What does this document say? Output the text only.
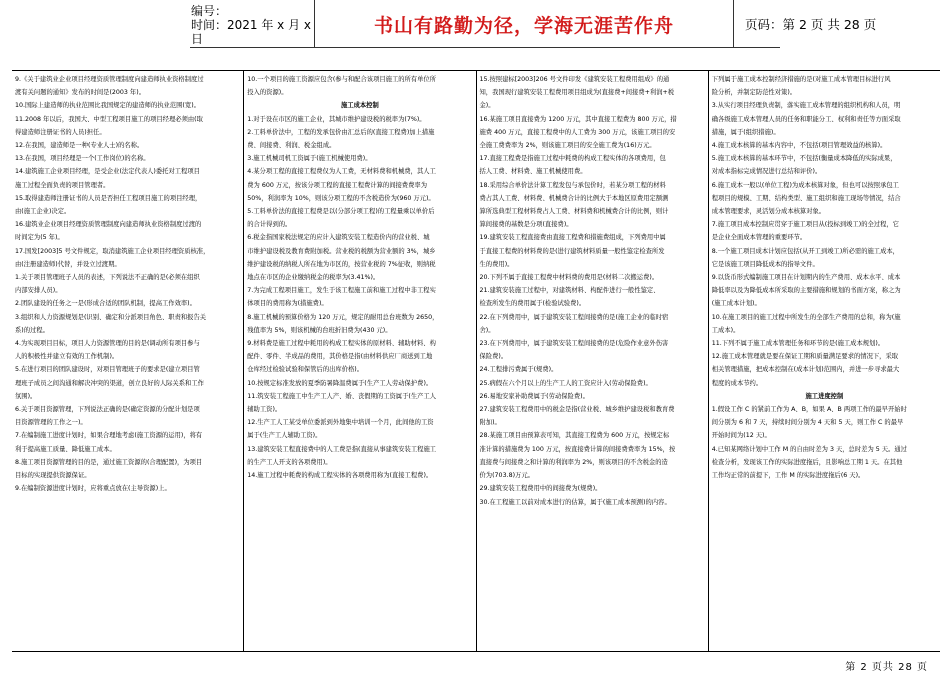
编号：
时间：2021 年 x 月 x 日
书山有路勤为径，学海无涯苦作舟	页码：第 2 页 共 28 页

9.《关于建筑业企业项目经理资质管理制度向建造师执业资格制度过

渡有关问题的通知》发布的时间是(2003 年)。

10.国际上建造师的执业范围比我国规定的建造师的执业范围(宽)。

11.2008 年以后，我国大、中型工程项目施工的项目经理必须由(取

得建造师注册证书的人员)担任。

12.在我国，建造师是一种(专业人士)的名称。

13.在我国，项目经理是一个(工作岗位)的名称。

14.建筑施工企业项目经理，是受企业(法定代表人)委托对工程项目

施工过程全面负责的项目管理者。

15.取得建造师注册证书的人员是否担任工程项目施工的项目经理，

由(施工企业)决定。

16.建筑业企业项目经理资质管理制度向建造师执业资格制度过渡的

时间定为(5 年)。

17.国发[2003]5 号文件规定，取消建筑施工企业项目经理资质核准，

由(注册建造师)代替，并设立过渡期。

1.关于项目管理班子人员的表述，下列说法不正确的是(必须在组织

内部安排人员)。

2.团队建设的任务之一是(形成合适的团队机制，提高工作效率)。

3.组织和人力资源规划是(识别、确定和分派项目角色、职责和报告关

系)的过程。

4.为实现项目目标，项目人力资源管理的目的是(调动所有项目参与

人的积极性并建立有效的工作机制)。

5.在进行项目的团队建设时，对项目管理班子的要求是(建立项目管

理班子成员之间沟通和解决冲突的渠道，创立良好的人际关系和工作

氛围)。

6.关于项目资源管理，下列说法正确的是(确定资源的分配计划是项

目资源管理的工作之一)。

7.在编制施工进度计划时，如果合理地考虑(施工资源的运用)，将有

利于提高施工质量、降低施工成本。

8.施工项目资源管理的目的是，通过施工资源的(合理配置)，为项目

目标的实现提供资源保证。

9.在编制资源进度计划时，应将重点放在(主导资源)上。

10.一个项目的施工资源应包含(参与和配合该项目施工的所有单位所

投入的资源)。

施工成本控制

1.对于设在市区的施工企业，其城市维护建设税的税率为(7%)。

2.工料单价法中，工程的发承包价由汇总后的(直接工程费)加上措施

费、间接费、利润、税金组成。

3.施工机械司机工资属于(施工机械使用费)。

4.某分项工程的直接工程费仅为人工费，无材料费和机械费，其人工

费为 600 万元，按该分项工程的直接工程费计算的间接费费率为

50%，利润率为 10%，则该分项工程的不含税造价为(960 万元)。

5.工料单价法的直接工程费是以(分部分项工程)的工程量乘以单价后

的合计得到的。

6.税金指国家税法规定的应计入建筑安装工程造价内的营业税、城

市维护建设税及教育费附加税。营业税的税额为营业额的 3%，城乡

维护建设税的纳税人所在地为市区的，按营业税的 7%征收，则纳税

地点在市区的企业缴纳税金的税率为(3.41%)。

7.为完成工程项目施工，发生于该工程施工前和施工过程中非工程实

体项目的费用称为(措施费)。

8.施工机械的预算价格为 120 万元，规定的耐用总台班数为 2650，

残值率为 5%，则该机械的台班折旧费为(430 元)。

9.材料费是施工过程中耗用的构成工程实体的原材料、辅助材料、构

配件、零件、半成品的费用，其价格是指(由材料供应厂商送到工地

仓库经过检验试验和保管后的出库价格)。

10.按规定标准发放的夏季防暑降温费属于(生产工人劳动保护费)。

11.筑安装工程施工中生产工人产、婚、丧假期的工资属于(生产工人

辅助工资)。

12.生产工人工某受单位委派到外地集中培训一个月，此间他的工资

属于(生产工人辅助工资)。

13.建筑安装工程直接费中的人工费是指(直接从事建筑安装工程施工

的生产工人开支的各项费用)。

14.施工过程中耗费的构成工程实体的各项费用称为(直接工程费)。

15.按照建标[2003]206 号文件印发《建筑安装工程费用组成》的通

知，我国现行建筑安装工程费用项目组成为(直接费+间接费+利润+税

金)。

16.某施工项目直接费为 1200 万元，其中直接工程费为 800 万元，措

施费 400 万元，直接工程费中的人工费为 300 万元，该施工项目的安

全施工费费率为 2%，则该施工项目的安全施工费为(16)万元。

17.直接工程费是指施工过程中耗费的构成工程实体的各项费用，包

括人工费、材料费、施工机械使用费。

18.采用综合单价法计算工程发包与承包价时，若某分项工程的材料

费占其人工费、材料费、机械费合计的比例大于本地区原费用定额测

算所选典型工程材料费占人工费、材料费和机械费合计的比例，则计

算间接费的基数是分项(直接费)。

19.建筑安装工程直接费由直接工程费和措施费组成，下列费用中属

于直接工程费的材料费的是(进行建筑材料质量一般性鉴定检查所发

生的费用)。

20.下列不属于直接工程费中材料费的费用是(材料二次搬运费)。

21.建筑安装施工过程中，对建筑材料、构配件进行一般性鉴定、

检查所发生的费用属于(检验试验费)。

22.在下列费用中，属于建筑安装工程间接费的是(施工企业的临时宿

舍)。

23.在下列费用中，属于建筑安装工程间接费的是(危险作业意外伤害

保险费)。

24.工程排污费属于(规费)。

25.病假在六个月以上的生产工人的工资应计入(劳动保险费)。

26.易地安家补助费属于(劳动保险费)。

27.建筑安装工程费用中的税金是指(营业税、城乡维护建设税和教育费

附加)。

28.某施工项目由预算表可知，其直接工程费为 600 万元，按规定标

准计算的措施费为 100 万元，按直接费计算的间接费费率为 15%，按

直接费与间接费之和计算的利润率为 2%，则该项目的不含税金的造

价为(703.8)万元。

29.建筑安装工程费用中的间接费为(规费)。

30.在工程施工以前对成本进行的估算，属于(施工成本预测)的内容。

下列属于施工成本控制经济措施的是(对施工成本管理目标进行风

险分析，并制定防范性对策)。

3.从实行项目经理负责制，落实施工成本管理的组织机构和人员，明

确各级施工成本管理人员的任务和职能分工、权利和责任等方面采取

措施，属于(组织措施)。

4.施工成本核算的基本内容中，不包括(项目管理效益的核算)。

5.施工成本核算的基本环节中，不包括(衡量成本降低的实际成果，

对成本指标完成情况进行总结和评价)。

6.施工成本一般以(单位工程)为成本核算对象，但也可以按照承包工

程项目的规模、工期、结构类型、施工组织和施工现场等情况，结合

成本管理要求，灵活划分成本核算对象。

7.施工项目成本控制应贯穿于施工项目从(投标到竣工)的全过程，它

是企业全面成本管理的重要环节。

8.一个施工项目成本计划应包括(从开工到竣工)所必需的施工成本，

它是该施工项目降低成本的指导文件。

9.以货币形式编制施工项目在计划期内的生产费用、成本水平、成本

降低率以及为降低成本所采取的主要措施和规划的书面方案，称之为

(施工成本计划)。

10.在施工项目的施工过程中所发生的全部生产费用的总和，称为(施

工成本)。

11.下列不属于施工成本管理任务和环节的是(施工成本规划)。

12.施工成本管理就是要在保证工期和质量满足要求的情况下，采取

相关管理措施，把成本控制在(成本计划)范围内，并进一步寻求最大

程度的成本节约。

施工进度控制

1.假设工作 C 的紧前工作为 A、B，如果 A、B 两项工作的最早开始时

间分别为 6 和 7 天，持续时间分别为 4 天和 5 天，则工作 C 的最早

开始时间为(12 天)。

4.已知某网络计划中工作 M 的自由时差为 3 天，总时差为 5 天。通过

检查分析，发现该工作的实际进度拖后，且影响总工期 1 天。在其他

工作均正常的前提下，工作 M 的实际进度拖后(6 天)。

第 2 页共 28 页
